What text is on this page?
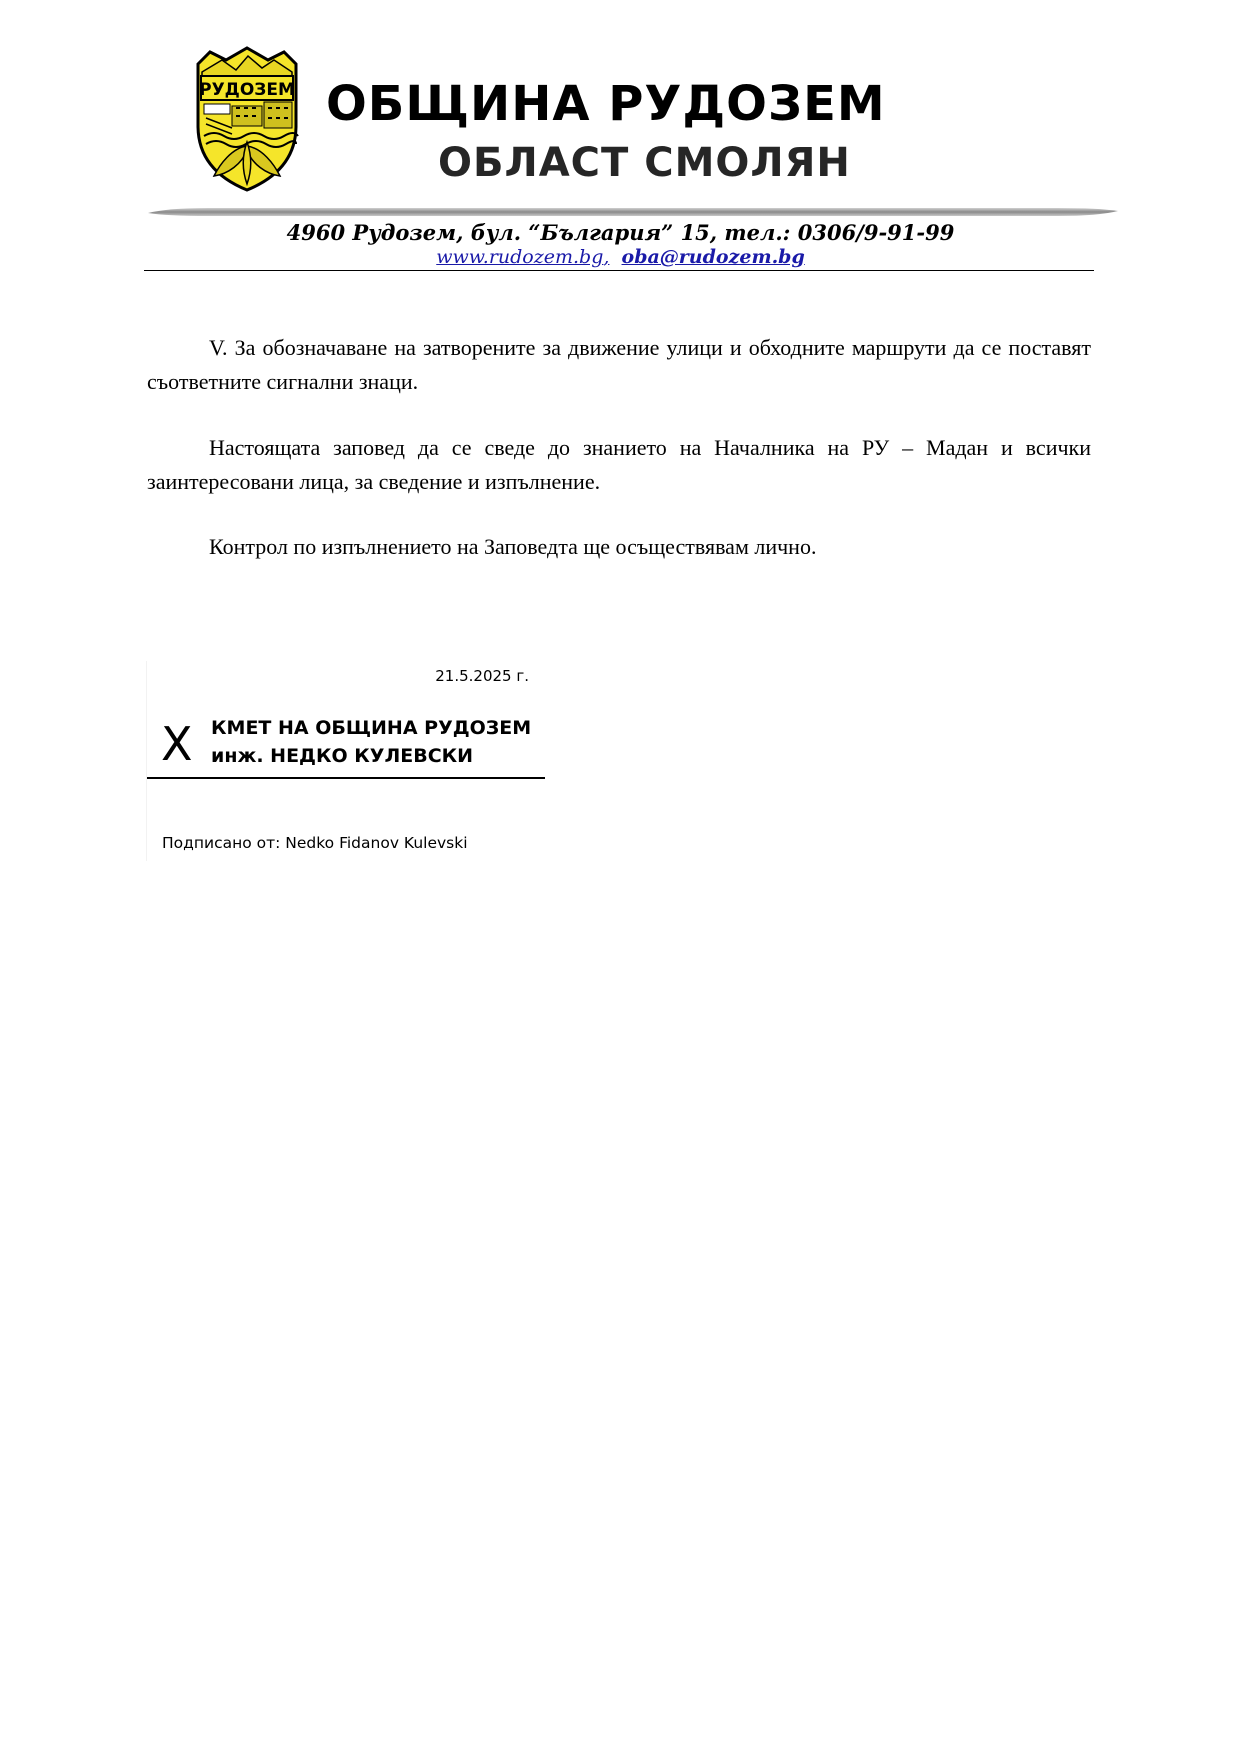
РУДОЗЕМ ОБЩИНА РУДОЗЕМ
ОБЛАСТ СМОЛЯН
4960 Рудозем, бул. “България” 15, тел.: 0306/9-91-99
www.rudozem.bg, oba@rudozem.bg

V. За обозначаване на затворените за движение улици и обходните маршрути да се поставят съответните сигнални знаци.

Настоящата заповед да се сведе до знанието на Началника на РУ – Мадан и всички заинтересовани лица, за сведение и изпълнение.

Контрол по изпълнението на Заповедта ще осъществявам лично.

21.5.2025 г.
X КМЕТ НА ОБЩИНА РУДОЗЕМ
инж. НЕДКО КУЛЕВСКИ
Подписано от: Nedko Fidanov Kulevski
